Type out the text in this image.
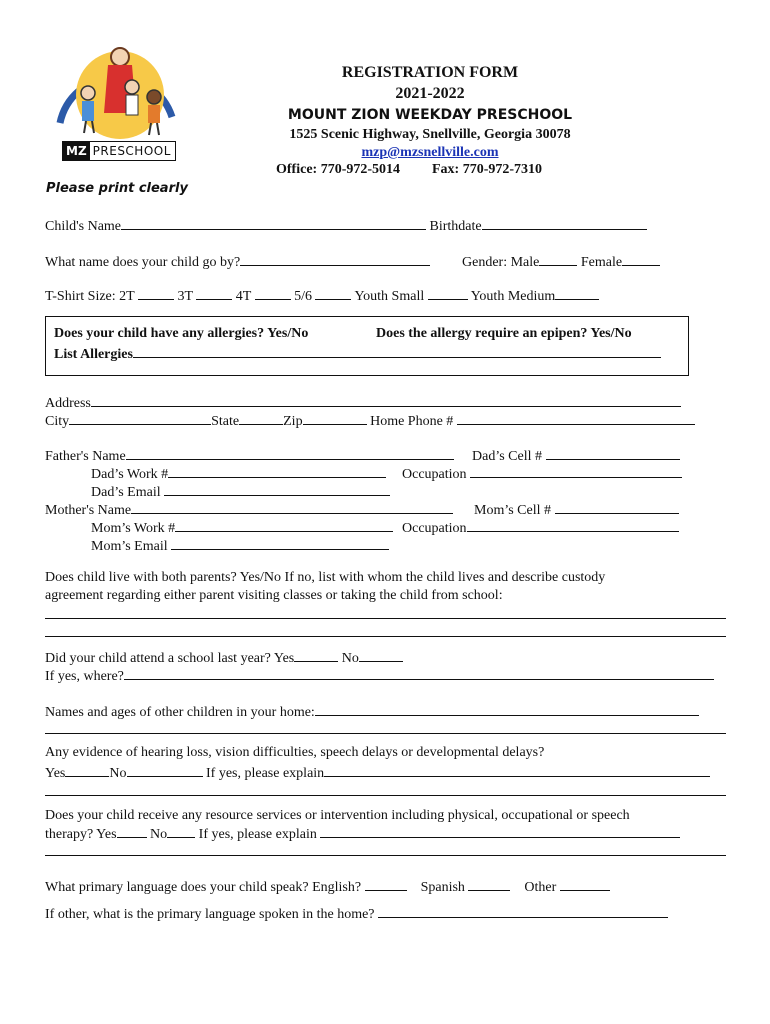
MZ PRESCHOOL
REGISTRATION FORM
2021-2022
MOUNT ZION WEEKDAY PRESCHOOL
1525 Scenic Highway, Snellville, Georgia 30078
mzp@mzsnellville.com
Office: 770-972-5014 Fax: 770-972-7310
Please print clearly
Child's Name	Birthdate
What name does your child go by?	Gender: Male	Female
T-Shirt Size: 2T	3T	4T	5/6	Youth Small	Youth Medium
Does your child have any allergies? Yes/No	Does the allergy require an epipen? Yes/No
List Allergies
Address
City	State	Zip	Home Phone #
Father's Name	Dad’s Cell #
Dad’s Work #	Occupation
Dad’s Email
Mother's Name	Mom’s Cell #
Mom’s Work #	Occupation
Mom’s Email
Does child live with both parents? Yes/No If no, list with whom the child lives and describe custody
agreement regarding either parent visiting classes or taking the child from school:
Did your child attend a school last year? Yes	No
If yes, where?
Names and ages of other children in your home:
Any evidence of hearing loss, vision difficulties, speech delays or developmental delays?
Yes	No	If yes, please explain
Does your child receive any resource services or intervention including physical, occupational or speech
therapy? Yes No If yes, please explain
What primary language does your child speak? English?	Spanish	Other
If other, what is the primary language spoken in the home?
